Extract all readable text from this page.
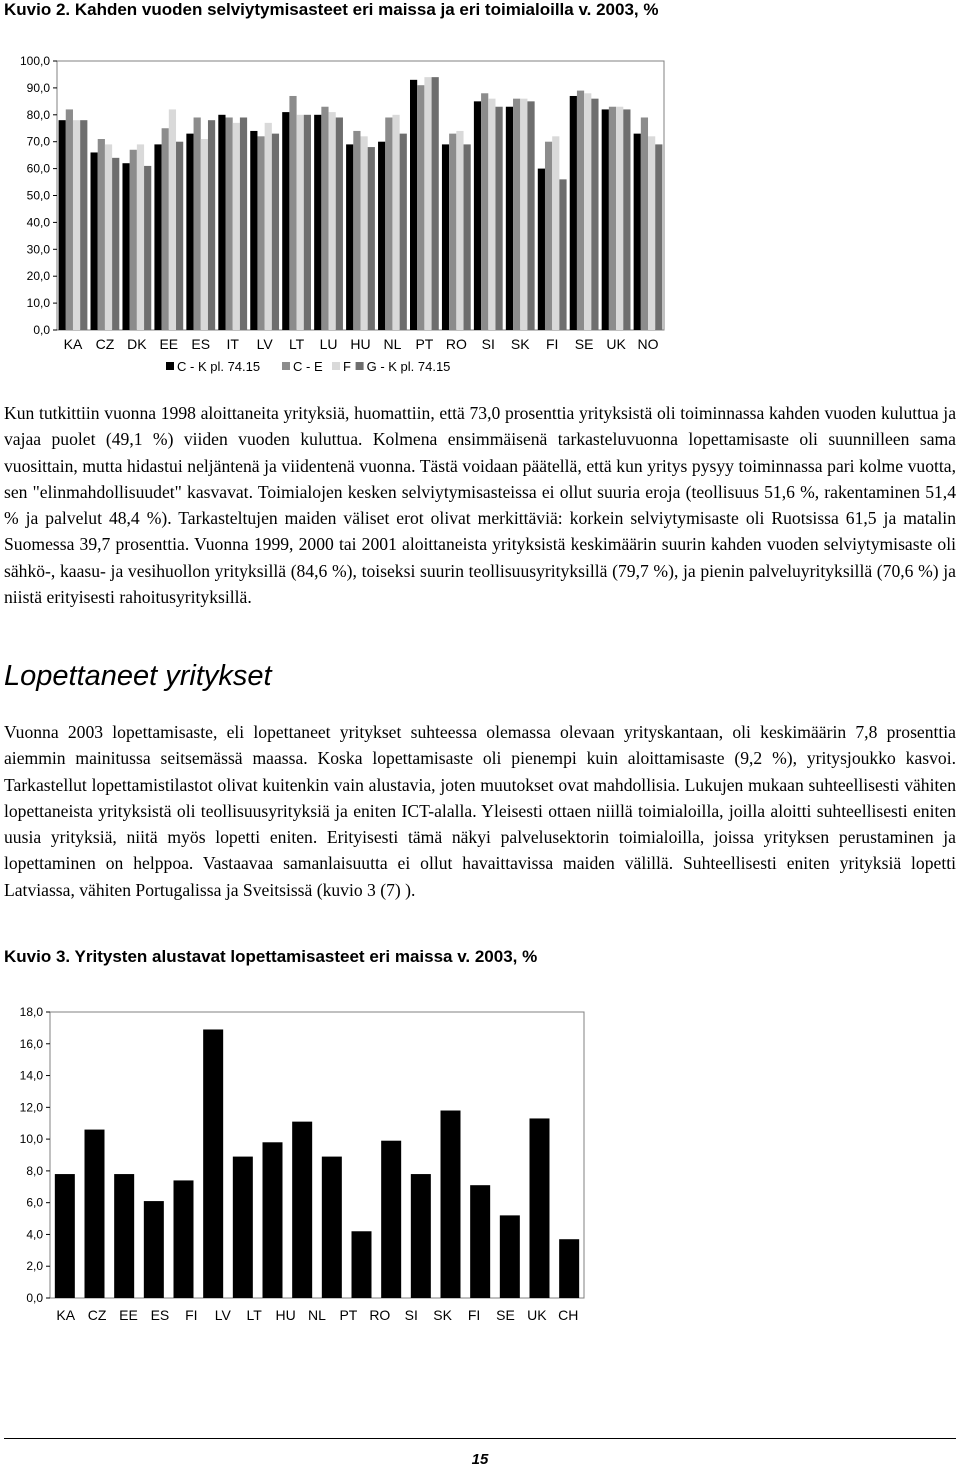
Kuvio 2. Kahden vuoden selviytymisasteet eri maissa ja eri toimialoilla v. 2003, %
0,0
10,0
20,0
30,0
40,0
50,0
60,0
70,0
80,0
90,0
100,0
KA CZ DK EE ES IT LV LT LU HU NL PT RO SI SK FI SE UK NO
C - K pl. 74.15	C - E F G - K pl. 74.15

Kun tutkittiin vuonna 1998 aloittaneita yrityksiä, huomattiin, että 73,0 prosenttia yrityksistä oli toiminnassa kahden vuoden kuluttua ja vajaa puolet (49,1 %) viiden vuoden kuluttua. Kolmena ensimmäisenä tarkasteluvuonna lopettamisaste oli suunnilleen sama vuosittain, mutta hidastui neljäntenä ja viidentenä vuonna. Tästä voidaan päätellä, että kun yritys pysyy toiminnassa pari kolme vuotta, sen "elinmahdollisuudet" kasvavat. Toimialojen kesken selviytymisasteissa ei ollut suuria eroja (teollisuus 51,6 %, rakentaminen 51,4 % ja palvelut 48,4 %). Tarkasteltujen maiden väliset erot olivat merkittäviä: korkein selviytymisaste oli Ruotsissa 61,5 ja matalin Suomessa 39,7 prosenttia. Vuonna 1999, 2000 tai 2001 aloittaneista yrityksistä keskimäärin suurin kahden vuoden selviytymisaste oli sähkö-, kaasu- ja vesihuollon yrityksillä (84,6 %), toiseksi suurin teollisuusyrityksillä (79,7 %), ja pienin palveluyrityksillä (70,6 %) ja niistä erityisesti rahoitusyrityksillä.

Lopettaneet yritykset

Vuonna 2003 lopettamisaste, eli lopettaneet yritykset suhteessa olemassa olevaan yrityskantaan, oli keskimäärin 7,8 prosenttia aiemmin mainitussa seitsemässä maassa. Koska lopettamisaste oli pienempi kuin aloittamisaste (9,2 %), yritysjoukko kasvoi. Tarkastellut lopettamistilastot olivat kuitenkin vain alustavia, joten muutokset ovat mahdollisia. Lukujen mukaan suhteellisesti vähiten lopettaneista yrityksistä oli teollisuusyrityksiä ja eniten ICT-alalla. Yleisesti ottaen niillä toimialoilla, joilla aloitti suhteellisesti eniten uusia yrityksiä, niitä myös lopetti eniten. Erityisesti tämä näkyi palvelusektorin toimialoilla, joissa yrityksen perustaminen ja lopettaminen on helppoa. Vastaavaa samanlaisuutta ei ollut havaittavissa maiden välillä. Suhteellisesti eniten yrityksiä lopetti Latviassa, vähiten Portugalissa ja Sveitsissä (kuvio 3 (7) ).

Kuvio 3. Yritysten alustavat lopettamisasteet eri maissa v. 2003, %
0,0
2,0
4,0
6,0
8,0
10,0
12,0
14,0
16,0
18,0
KA CZ EE ES FI LV LT HU NL PT RO SI SK FI SE UK CH
15
